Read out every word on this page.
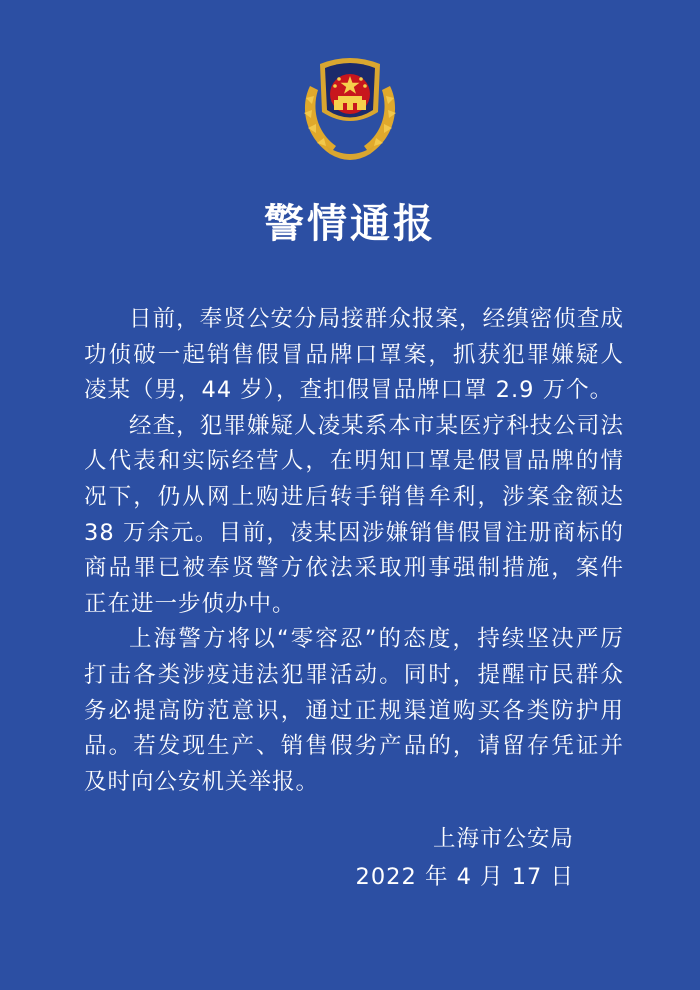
警情通报

日前，奉贤公安分局接群众报案，经缜密侦查成功侦破一起销售假冒品牌口罩案，抓获犯罪嫌疑人凌某（男，44 岁），查扣假冒品牌口罩 2.9 万个。

经查，犯罪嫌疑人凌某系本市某医疗科技公司法人代表和实际经营人，在明知口罩是假冒品牌的情况下，仍从网上购进后转手销售牟利，涉案金额达 38 万余元。目前，凌某因涉嫌销售假冒注册商标的商品罪已被奉贤警方依法采取刑事强制措施，案件正在进一步侦办中。

上海警方将以“零容忍”的态度，持续坚决严厉打击各类涉疫违法犯罪活动。同时，提醒市民群众务必提高防范意识，通过正规渠道购买各类防护用品。若发现生产、销售假劣产品的，请留存凭证并及时向公安机关举报。

上海市公安局
2022 年 4 月 17 日
